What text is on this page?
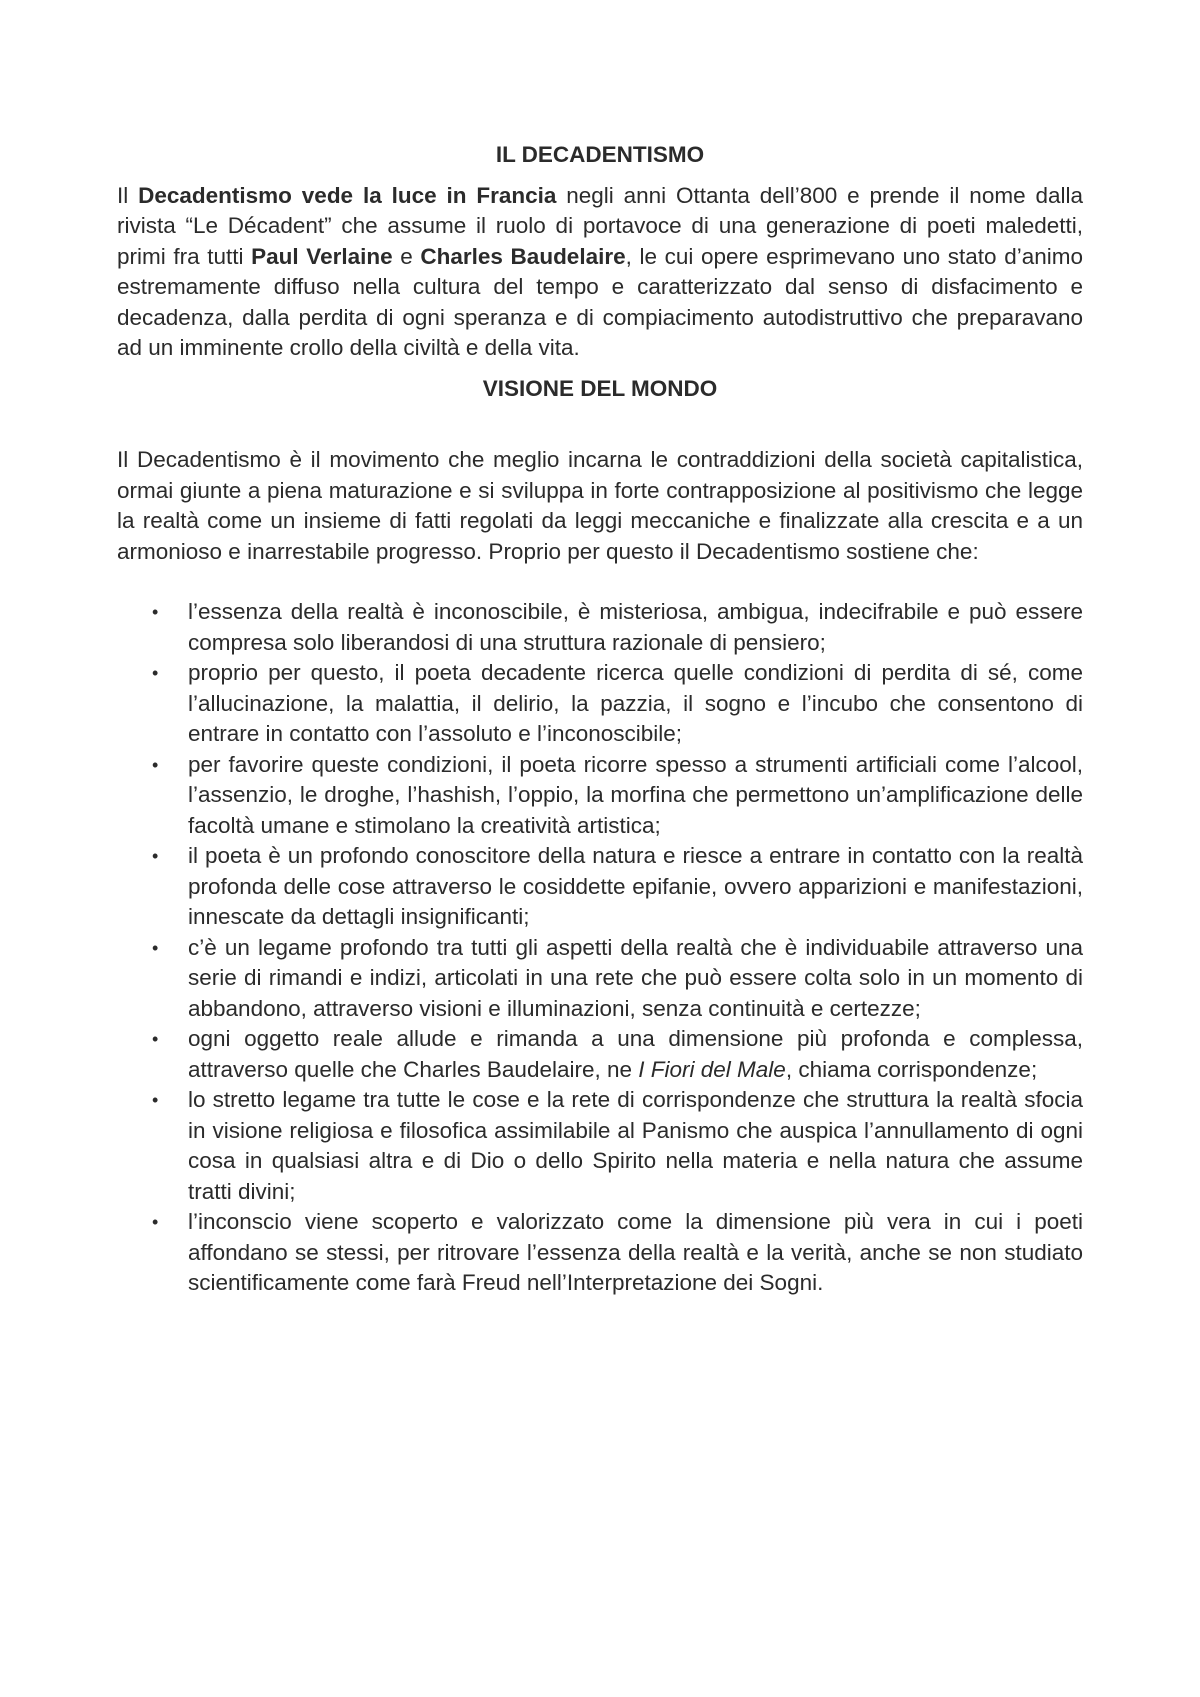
IL DECADENTISMO

Il Decadentismo vede la luce in Francia negli anni Ottanta dell’800 e prende il nome dalla rivista “Le Décadent” che assume il ruolo di portavoce di una generazione di poeti maledetti, primi fra tutti Paul Verlaine e Charles Baudelaire, le cui opere esprimevano uno stato d’animo estremamente diffuso nella cultura del tempo e caratterizzato dal senso di disfacimento e decadenza, dalla perdita di ogni speranza e di compiacimento autodistruttivo che preparavano ad un imminente crollo della civiltà e della vita.

VISIONE DEL MONDO

Il Decadentismo è il movimento che meglio incarna le contraddizioni della società capitalistica, ormai giunte a piena maturazione e si sviluppa in forte contrapposizione al positivismo che legge la realtà come un insieme di fatti regolati da leggi meccaniche e finalizzate alla crescita e a un armonioso e inarrestabile progresso. Proprio per questo il Decadentismo sostiene che:

• l’essenza della realtà è inconoscibile, è misteriosa, ambigua, indecifrabile e può essere compresa solo liberandosi di una struttura razionale di pensiero;
• proprio per questo, il poeta decadente ricerca quelle condizioni di perdita di sé, come l’allucinazione, la malattia, il delirio, la pazzia, il sogno e l’incubo che consentono di entrare in contatto con l’assoluto e l’inconoscibile;
• per favorire queste condizioni, il poeta ricorre spesso a strumenti artificiali come l’alcool, l’assenzio, le droghe, l’hashish, l’oppio, la morfina che permettono un’amplificazione delle facoltà umane e stimolano la creatività artistica;
• il poeta è un profondo conoscitore della natura e riesce a entrare in contatto con la realtà profonda delle cose attraverso le cosiddette epifanie, ovvero apparizioni e manifestazioni, innescate da dettagli insignificanti;
• c’è un legame profondo tra tutti gli aspetti della realtà che è individuabile attraverso una serie di rimandi e indizi, articolati in una rete che può essere colta solo in un momento di abbandono, attraverso visioni e illuminazioni, senza continuità e certezze;
• ogni oggetto reale allude e rimanda a una dimensione più profonda e complessa, attraverso quelle che Charles Baudelaire, ne I Fiori del Male, chiama corrispondenze;
• lo stretto legame tra tutte le cose e la rete di corrispondenze che struttura la realtà sfocia in visione religiosa e filosofica assimilabile al Panismo che auspica l’annullamento di ogni cosa in qualsiasi altra e di Dio o dello Spirito nella materia e nella natura che assume tratti divini;
• l’inconscio viene scoperto e valorizzato come la dimensione più vera in cui i poeti affondano se stessi, per ritrovare l’essenza della realtà e la verità, anche se non studiato scientificamente come farà Freud nell’Interpretazione dei Sogni.
